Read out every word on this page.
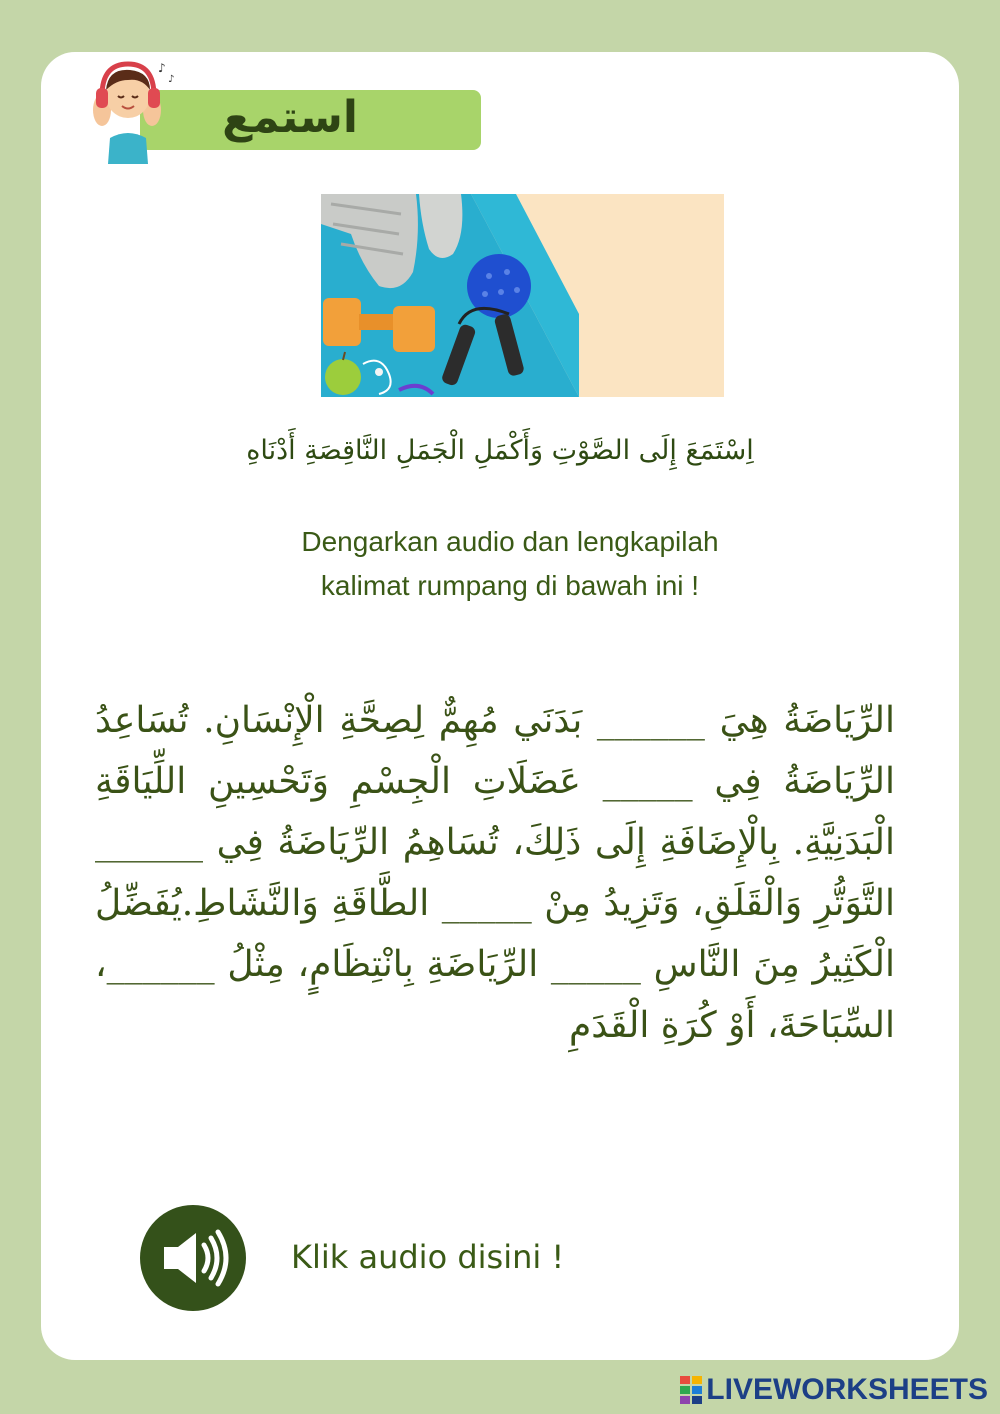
استمع
♪
♪
اِسْتَمَعَ إِلَى الصَّوْتِ وَأَكْمَلِ الْجَمَلِ النَّاقِصَةِ أَدْنَاهِ
Dengarkan audio dan lengkapilah
kalimat rumpang di bawah ini !
الرِّيَاضَةُ هِيَ ______ بَدَنَي مُهِمٌّ لِصِحَّةِ الْإِنْسَانِ. تُسَاعِدُ الرِّيَاضَةُ فِي _____ عَضَلَاتِ الْجِسْمِ وَتَحْسِينِ اللِّيَاقَةِ الْبَدَنِيَّةِ. بِالْإِضَافَةِ إِلَى ذَلِكَ، تُسَاهِمُ الرِّيَاضَةُ فِي ______ التَّوَتُّرِ وَالْقَلَقِ، وَتَزِيدُ مِنْ _____ الطَّاقَةِ وَالنَّشَاطِ.يُفَضِّلُ الْكَثِيرُ مِنَ النَّاسِ _____ الرِّيَاضَةِ بِانْتِظَامٍ، مِثْلُ ______، السِّبَاحَةَ، أَوْ كُرَةِ الْقَدَمِ
Klik audio disini !
LIVEWORKSHEETS
